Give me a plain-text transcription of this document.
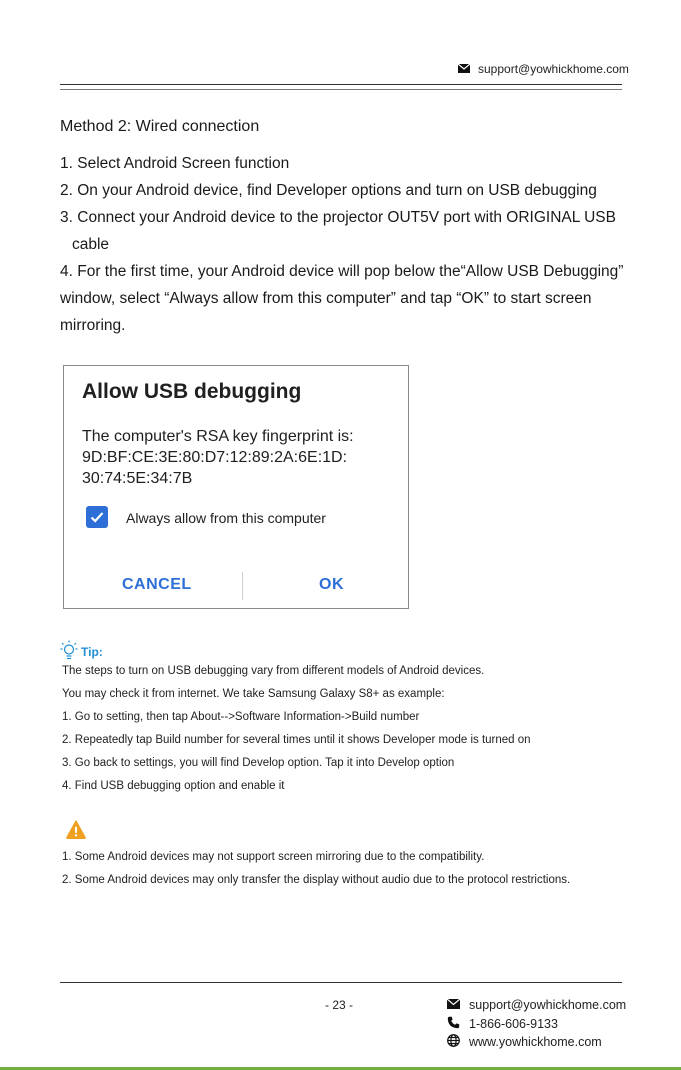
support@yowhickhome.com
Method 2: Wired connection
1. Select Android Screen function
2. On your Android device, find Developer options and turn on USB debugging
3. Connect your Android device to the projector OUT5V port with ORIGINAL USB
cable
4. For the first time, your Android device will pop below the“Allow USB Debugging” window, select “Always allow from this computer” and tap “OK” to start screen mirroring.
Allow USB debugging
The computer's RSA key fingerprint is:
9D:BF:CE:3E:80:D7:12:89:2A:6E:1D:
30:74:5E:34:7B
Always allow from this computer
CANCEL	OK
Tip:
The steps to turn on USB debugging vary from different models of Android devices.
You may check it from internet. We take Samsung Galaxy S8+ as example:
1. Go to setting, then tap About-->Software Information->Build number
2. Repeatedly tap Build number for several times until it shows Developer mode is turned on
3. Go back to settings, you will find Develop option. Tap it into Develop option
4. Find USB debugging option and enable it
1. Some Android devices may not support screen mirroring due to the compatibility.
2. Some Android devices may only transfer the display without audio due to the protocol restrictions.
- 23 -	support@yowhickhome.com
1-866-606-9133
www.yowhickhome.com
